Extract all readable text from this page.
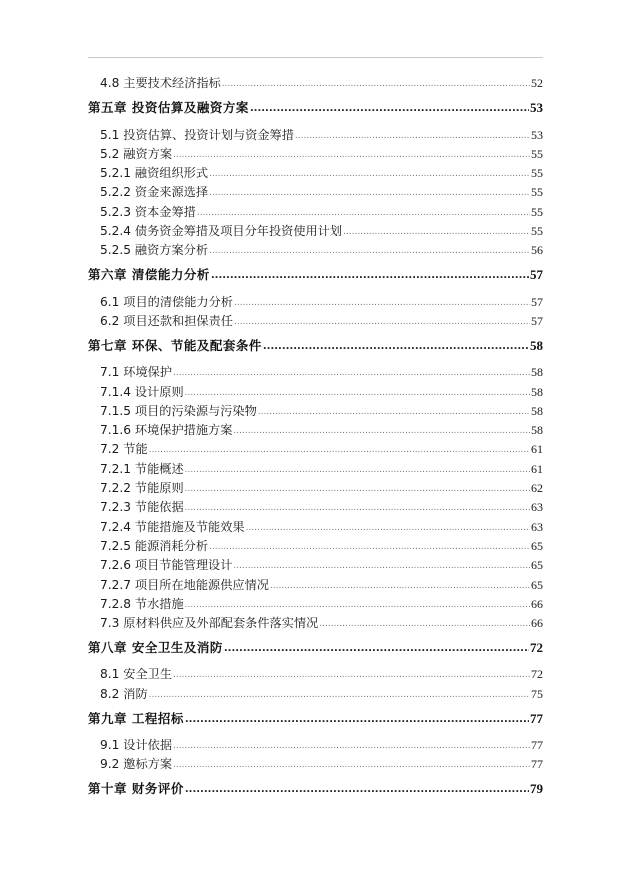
4.8 主要技术经济指标 .....	52
第五章 投资估算及融资方案 .....	53
5.1 投资估算、投资计划与资金筹措 .....	53
5.2 融资方案 .....	55
5.2.1 融资组织形式 .....	55
5.2.2 资金来源选择 .....	55
5.2.3 资本金筹措 .....	55
5.2.4 债务资金筹措及项目分年投资使用计划 .....	55
5.2.5 融资方案分析 .....	56
第六章 清偿能力分析 .....	57
6.1 项目的清偿能力分析 .....	57
6.2 项目还款和担保责任 .....	57
第七章 环保、节能及配套条件 .....	58
7.1 环境保护 .....	58
7.1.4 设计原则 .....	58
7.1.5 项目的污染源与污染物 .....	58
7.1.6 环境保护措施方案 .....	58
7.2 节能 .....	61
7.2.1 节能概述 .....	61
7.2.2 节能原则 .....	62
7.2.3 节能依据 .....	63
7.2.4 节能措施及节能效果 .....	63
7.2.5 能源消耗分析 .....	65
7.2.6 项目节能管理设计 .....	65
7.2.7 项目所在地能源供应情况 .....	65
7.2.8 节水措施 .....	66
7.3 原材料供应及外部配套条件落实情况 .....	66
第八章 安全卫生及消防 .....	72
8.1 安全卫生 .....	72
8.2 消防 .....	75
第九章 工程招标 .....	77
9.1 设计依据 .....	77
9.2 邀标方案 .....	77
第十章 财务评价 .....	79
